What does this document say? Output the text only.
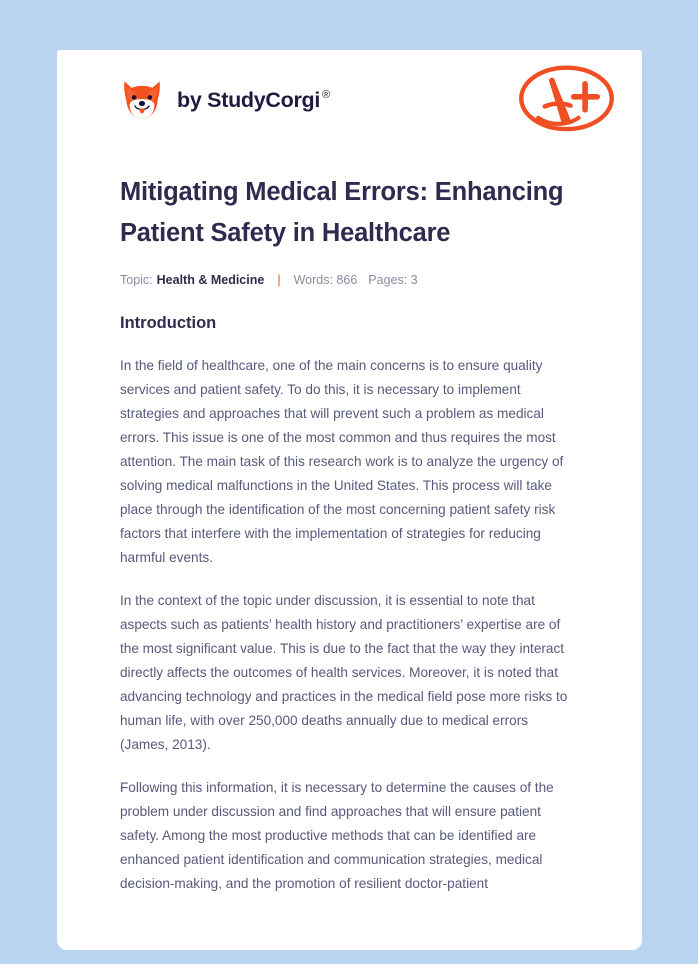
by StudyCorgi ®
Mitigating Medical Errors: Enhancing Patient Safety in Healthcare
Topic: Health & Medicine | Words: 866 Pages: 3
Introduction

In the field of healthcare, one of the main concerns is to ensure quality services and patient safety. To do this, it is necessary to implement strategies and approaches that will prevent such a problem as medical errors. This issue is one of the most common and thus requires the most attention. The main task of this research work is to analyze the urgency of solving medical malfunctions in the United States. This process will take place through the identification of the most concerning patient safety risk factors that interfere with the implementation of strategies for reducing harmful events.

In the context of the topic under discussion, it is essential to note that aspects such as patients’ health history and practitioners’ expertise are of the most significant value. This is due to the fact that the way they interact directly affects the outcomes of health services. Moreover, it is noted that advancing technology and practices in the medical field pose more risks to human life, with over 250,000 deaths annually due to medical errors (James, 2013).

Following this information, it is necessary to determine the causes of the problem under discussion and find approaches that will ensure patient safety. Among the most productive methods that can be identified are enhanced patient identification and communication strategies, medical decision-making, and the promotion of resilient doctor-patient
